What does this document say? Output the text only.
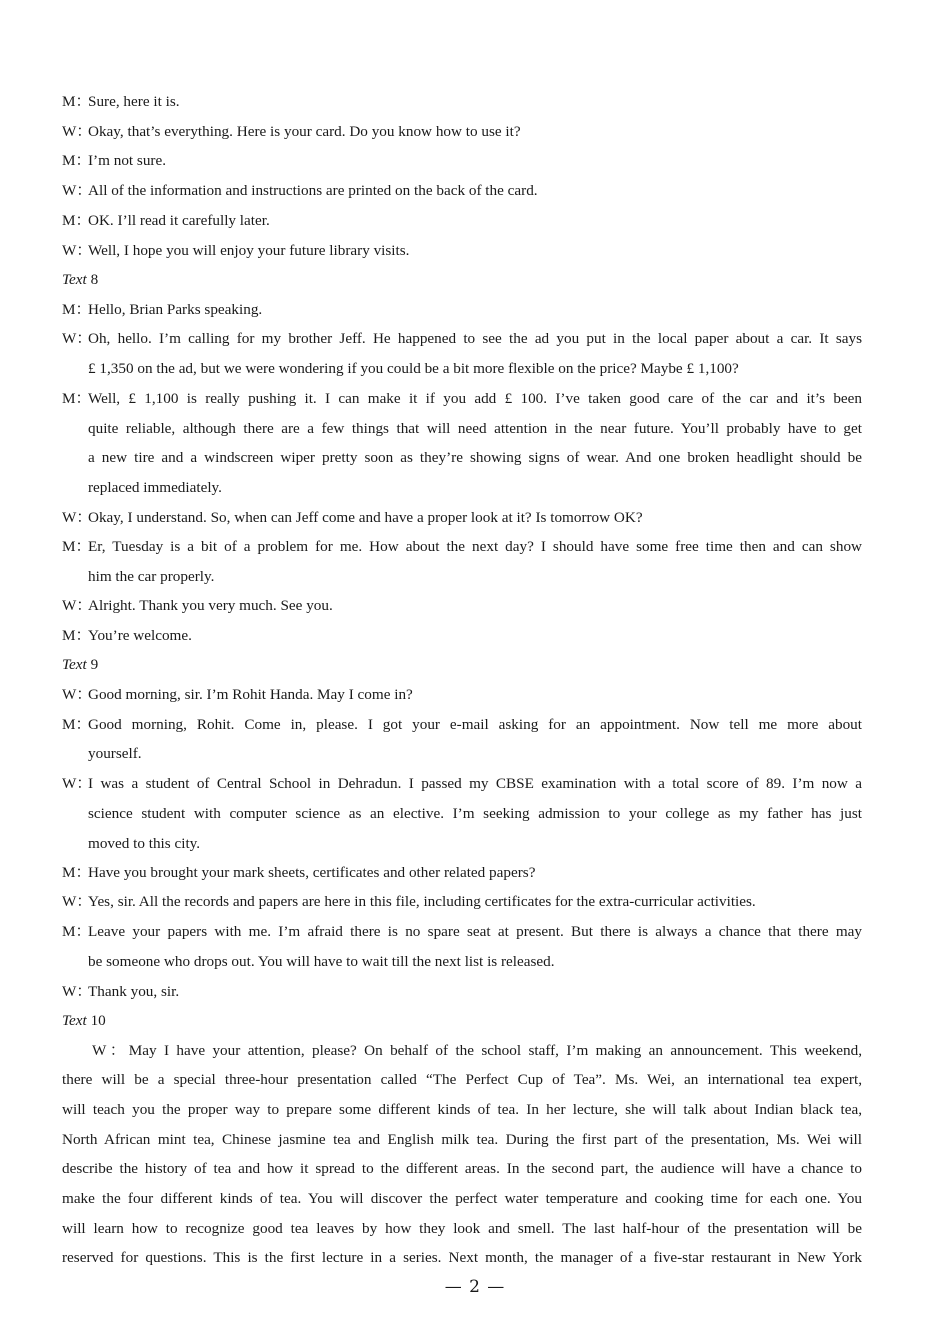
M：Sure, here it is.
W：Okay, that’s everything. Here is your card. Do you know how to use it?
M：I’m not sure.
W：All of the information and instructions are printed on the back of the card.
M：OK. I’ll read it carefully later.
W：Well, I hope you will enjoy your future library visits.
Text 8
M：Hello, Brian Parks speaking.
W：Oh, hello. I’m calling for my brother Jeff. He happened to see the ad you put in the local paper about a car. It says
£ 1,350 on the ad, but we were wondering if you could be a bit more flexible on the price? Maybe £ 1,100?
M：Well, £ 1,100 is really pushing it. I can make it if you add £ 100. I’ve taken good care of the car and it’s been
quite reliable, although there are a few things that will need attention in the near future. You’ll probably have to get
a new tire and a windscreen wiper pretty soon as they’re showing signs of wear. And one broken headlight should be
replaced immediately.
W：Okay, I understand. So, when can Jeff come and have a proper look at it? Is tomorrow OK?
M：Er, Tuesday is a bit of a problem for me. How about the next day? I should have some free time then and can show
him the car properly.
W：Alright. Thank you very much. See you.
M：You’re welcome.
Text 9
W：Good morning, sir. I’m Rohit Handa. May I come in?
M：Good morning, Rohit. Come in, please. I got your e-mail asking for an appointment. Now tell me more about
yourself.
W：I was a student of Central School in Dehradun. I passed my CBSE examination with a total score of 89. I’m now a
science student with computer science as an elective. I’m seeking admission to your college as my father has just
moved to this city.
M：Have you brought your mark sheets, certificates and other related papers?
W：Yes, sir. All the records and papers are here in this file, including certificates for the extra-curricular activities.
M：Leave your papers with me. I’m afraid there is no spare seat at present. But there is always a chance that there may
be someone who drops out. You will have to wait till the next list is released.
W：Thank you, sir.
Text 10
W：May I have your attention, please? On behalf of the school staff, I’m making an announcement. This weekend,
there will be a special three-hour presentation called “The Perfect Cup of Tea”. Ms. Wei, an international tea expert,
will teach you the proper way to prepare some different kinds of tea. In her lecture, she will talk about Indian black tea,
North African mint tea, Chinese jasmine tea and English milk tea. During the first part of the presentation, Ms. Wei will
describe the history of tea and how it spread to the different areas. In the second part, the audience will have a chance to
make the four different kinds of tea. You will discover the perfect water temperature and cooking time for each one. You
will learn how to recognize good tea leaves by how they look and smell. The last half-hour of the presentation will be
reserved for questions. This is the first lecture in a series. Next month, the manager of a five-star restaurant in New York
— 2 —
